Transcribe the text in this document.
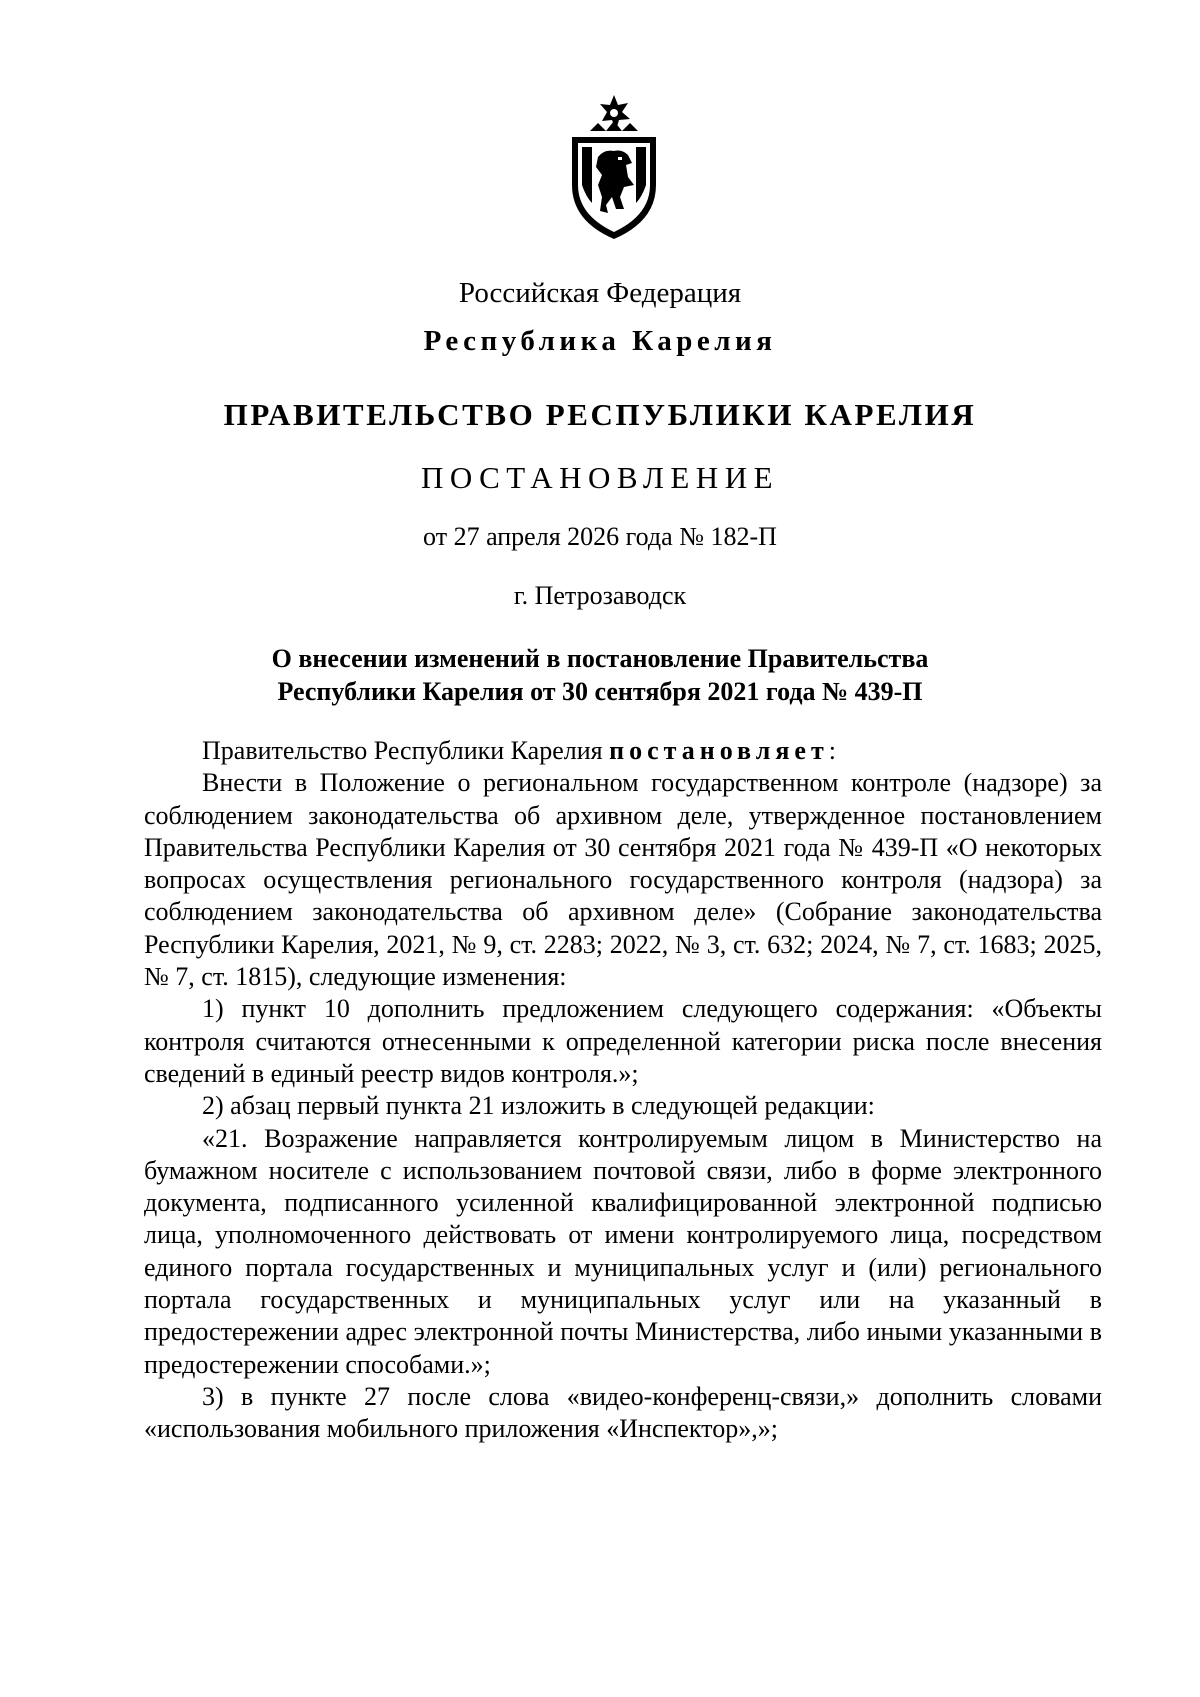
Российская Федерация
Республика Карелия
ПРАВИТЕЛЬСТВО РЕСПУБЛИКИ КАРЕЛИЯ
ПОСТАНОВЛЕНИЕ
от 27 апреля 2026 года № 182-П
г. Петрозаводск
О внесении изменений в постановление Правительства
Республики Карелия от 30 сентября 2021 года № 439-П

Правительство Республики Карелия постановляет:

Внести в Положение о региональном государственном контроле (надзоре) за соблюдением законодательства об архивном деле, утвержденное постановлением Правительства Республики Карелия от 30 сентября 2021 года № 439-П «О некоторых вопросах осуществления регионального государственного контроля (надзора) за соблюдением законодательства об архивном деле» (Собрание законодательства Республики Карелия, 2021, № 9, ст. 2283; 2022, № 3, ст. 632; 2024, № 7, ст. 1683; 2025, № 7, ст. 1815), следующие изменения:

1) пункт 10 дополнить предложением следующего содержания: «Объекты контроля считаются отнесенными к определенной категории риска после внесения сведений в единый реестр видов контроля.»;

2) абзац первый пункта 21 изложить в следующей редакции:

«21. Возражение направляется контролируемым лицом в Министерство на бумажном носителе с использованием почтовой связи, либо в форме электронного документа, подписанного усиленной квалифицированной электронной подписью лица, уполномоченного действовать от имени контролируемого лица, посредством единого портала государственных и муниципальных услуг и (или) регионального портала государственных и муниципальных услуг или на указанный в предостережении адрес электронной почты Министерства, либо иными указанными в предостережении способами.»;

3) в пункте 27 после слова «видео-конференц-связи,» дополнить словами «использования мобильного приложения «Инспектор»,»;
